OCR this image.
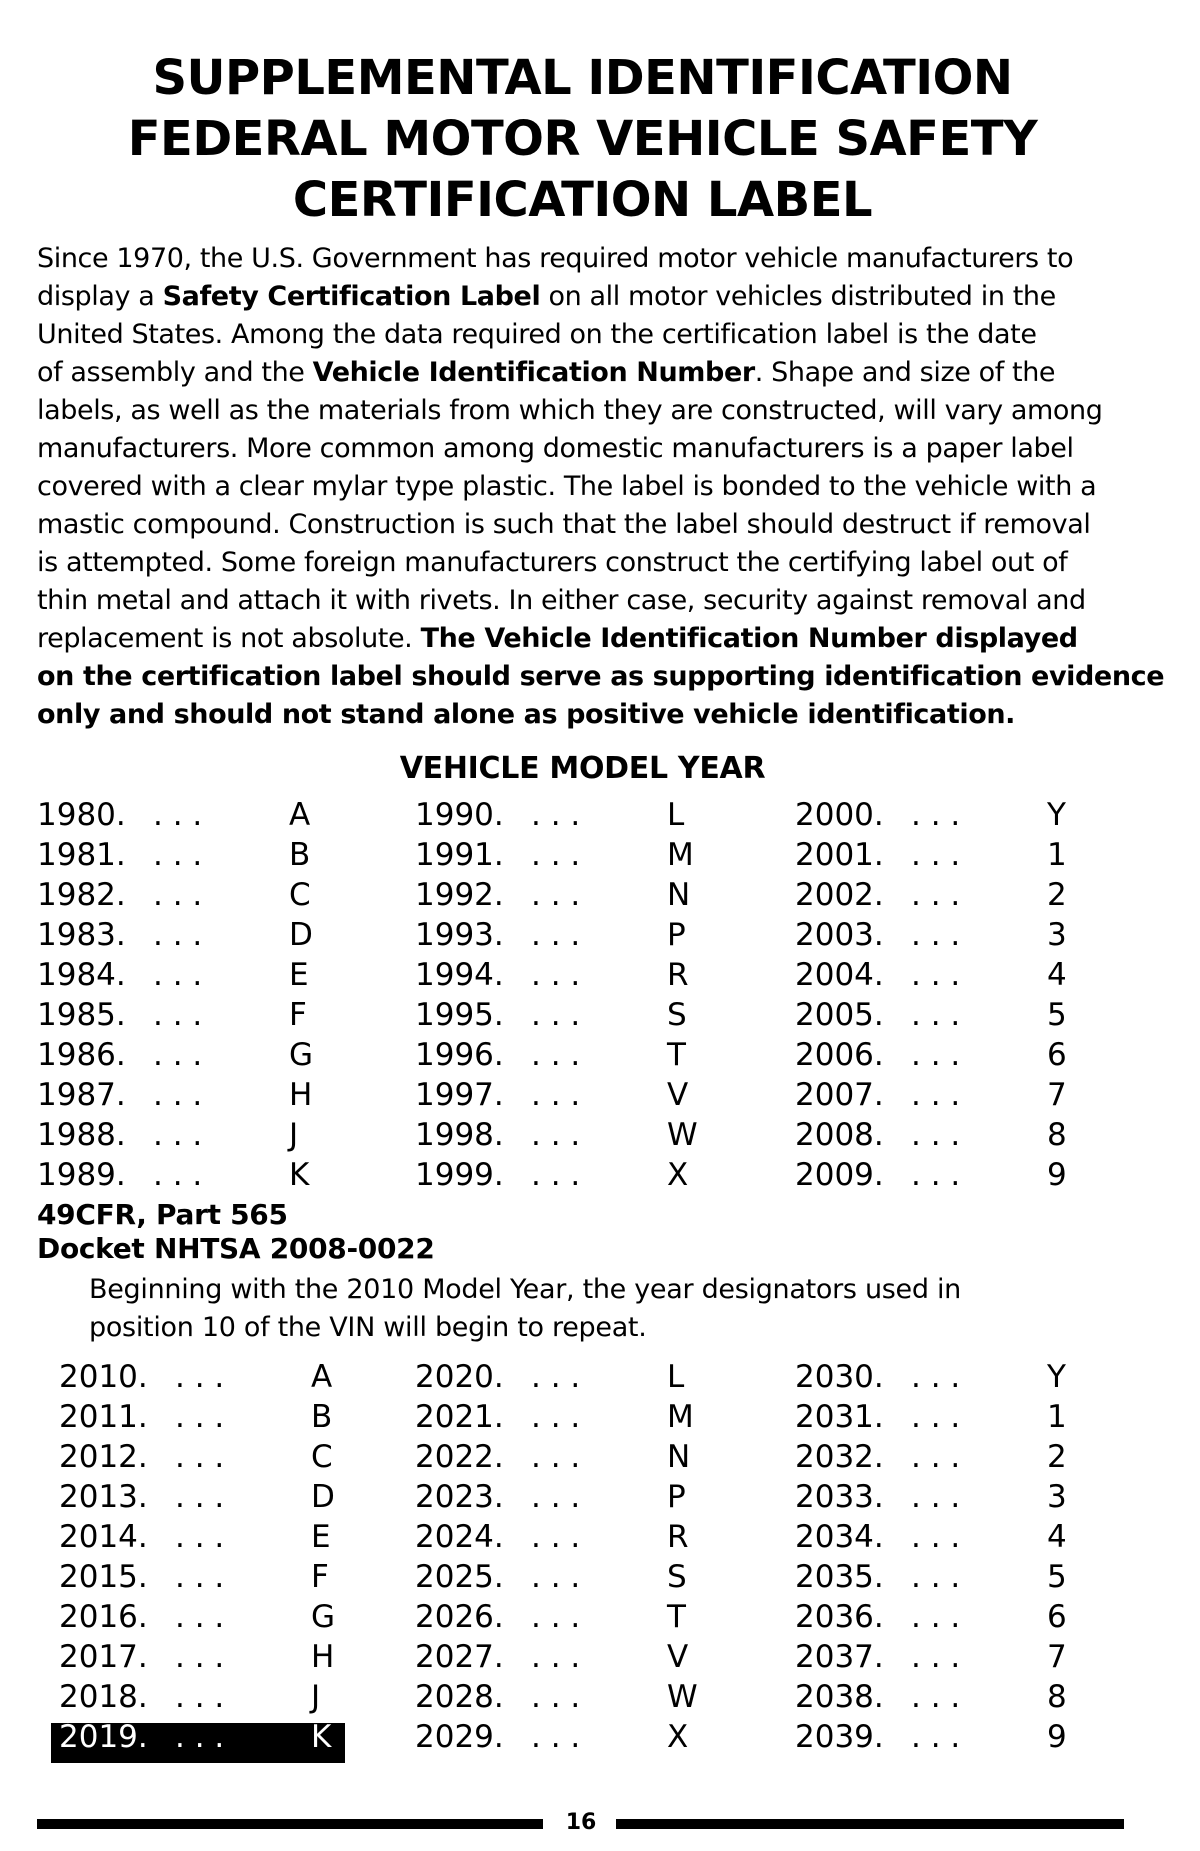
SUPPLEMENTAL IDENTIFICATION
FEDERAL MOTOR VEHICLE SAFETY
CERTIFICATION LABEL
Since 1970, the U.S. Government has required motor vehicle manufacturers to
display a Safety Certification Label on all motor vehicles distributed in the
United States. Among the data required on the certification label is the date
of assembly and the Vehicle Identification Number. Shape and size of the
labels, as well as the materials from which they are constructed, will vary among
manufacturers. More common among domestic manufacturers is a paper label
covered with a clear mylar type plastic. The label is bonded to the vehicle with a
mastic compound. Construction is such that the label should destruct if removal
is attempted. Some foreign manufacturers construct the certifying label out of
thin metal and attach it with rivets. In either case, security against removal and
replacement is not absolute. The Vehicle Identification Number displayed
on the certification label should serve as supporting identification evidence
only and should not stand alone as positive vehicle identification.
VEHICLE MODEL YEAR
1980. . . .	A
1981. . . .	B
1982. . . .	C
1983. . . .	D
1984. . . .	E
1985. . . .	F
1986. . . .	G
1987. . . .	H
1988. . . .	J
1989. . . .	K
1990. . . .	L
1991. . . .	M
1992. . . .	N
1993. . . .	P
1994. . . .	R
1995. . . .	S
1996. . . .	T
1997. . . .	V
1998. . . .	W
1999. . . .	X
2000. . . .	Y
2001. . . .	1
2002. . . .	2
2003. . . .	3
2004. . . .	4
2005. . . .	5
2006. . . .	6
2007. . . .	7
2008. . . .	8
2009. . . .	9
49CFR, Part 565
Docket NHTSA 2008-0022
Beginning with the 2010 Model Year, the year designators used in
position 10 of the VIN will begin to repeat.
2010. . . .	A
2011. . . .	B
2012. . . .	C
2013. . . .	D
2014. . . .	E
2015. . . .	F
2016. . . .	G
2017. . . .	H
2018. . . .	J
2019. . . .	K
2020. . . .	L
2021. . . .	M
2022. . . .	N
2023. . . .	P
2024. . . .	R
2025. . . .	S
2026. . . .	T
2027. . . .	V
2028. . . .	W
2029. . . .	X
2030. . . .	Y
2031. . . .	1
2032. . . .	2
2033. . . .	3
2034. . . .	4
2035. . . .	5
2036. . . .	6
2037. . . .	7
2038. . . .	8
2039. . . .	9
16
